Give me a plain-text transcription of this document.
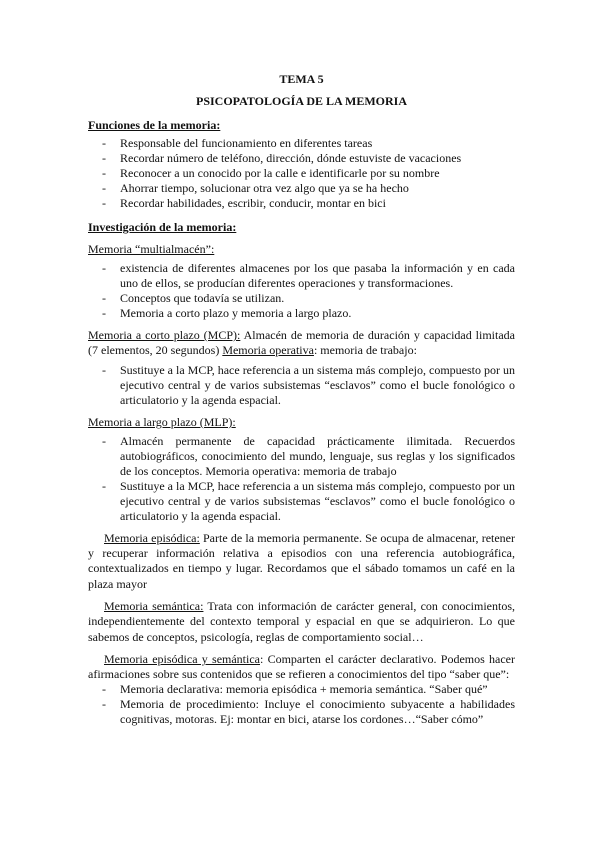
TEMA 5
PSICOPATOLOGÍA DE LA MEMORIA
Funciones de la memoria:
- Responsable del funcionamiento en diferentes tareas
- Recordar número de teléfono, dirección, dónde estuviste de vacaciones
- Reconocer a un conocido por la calle e identificarle por su nombre
- Ahorrar tiempo, solucionar otra vez algo que ya se ha hecho
- Recordar habilidades, escribir, conducir, montar en bici
Investigación de la memoria:

Memoria “multialmacén”:

- existencia de diferentes almacenes por los que pasaba la información y en cada uno de ellos, se producían diferentes operaciones y transformaciones.
- Conceptos que todavía se utilizan.
- Memoria a corto plazo y memoria a largo plazo.

Memoria a corto plazo (MCP): Almacén de memoria de duración y capacidad limitada (7 elementos, 20 segundos) Memoria operativa: memoria de trabajo:

- Sustituye a la MCP, hace referencia a un sistema más complejo, compuesto por un ejecutivo central y de varios subsistemas “esclavos” como el bucle fonológico o articulatorio y la agenda espacial.

Memoria a largo plazo (MLP):

- Almacén permanente de capacidad prácticamente ilimitada. Recuerdos autobiográficos, conocimiento del mundo, lenguaje, sus reglas y los significados de los conceptos. Memoria operativa: memoria de trabajo
- Sustituye a la MCP, hace referencia a un sistema más complejo, compuesto por un ejecutivo central y de varios subsistemas “esclavos” como el bucle fonológico o articulatorio y la agenda espacial.

Memoria episódica: Parte de la memoria permanente. Se ocupa de almacenar, retener y recuperar información relativa a episodios con una referencia autobiográfica, contextualizados en tiempo y lugar. Recordamos que el sábado tomamos un café en la plaza mayor

Memoria semántica: Trata con información de carácter general, con conocimientos, independientemente del contexto temporal y espacial en que se adquirieron. Lo que sabemos de conceptos, psicología, reglas de comportamiento social…

Memoria episódica y semántica: Comparten el carácter declarativo. Podemos hacer afirmaciones sobre sus contenidos que se refieren a conocimientos del tipo “saber que”:

- Memoria declarativa: memoria episódica + memoria semántica. “Saber qué”
- Memoria de procedimiento: Incluye el conocimiento subyacente a habilidades cognitivas, motoras. Ej: montar en bici, atarse los cordones…“Saber cómo”
